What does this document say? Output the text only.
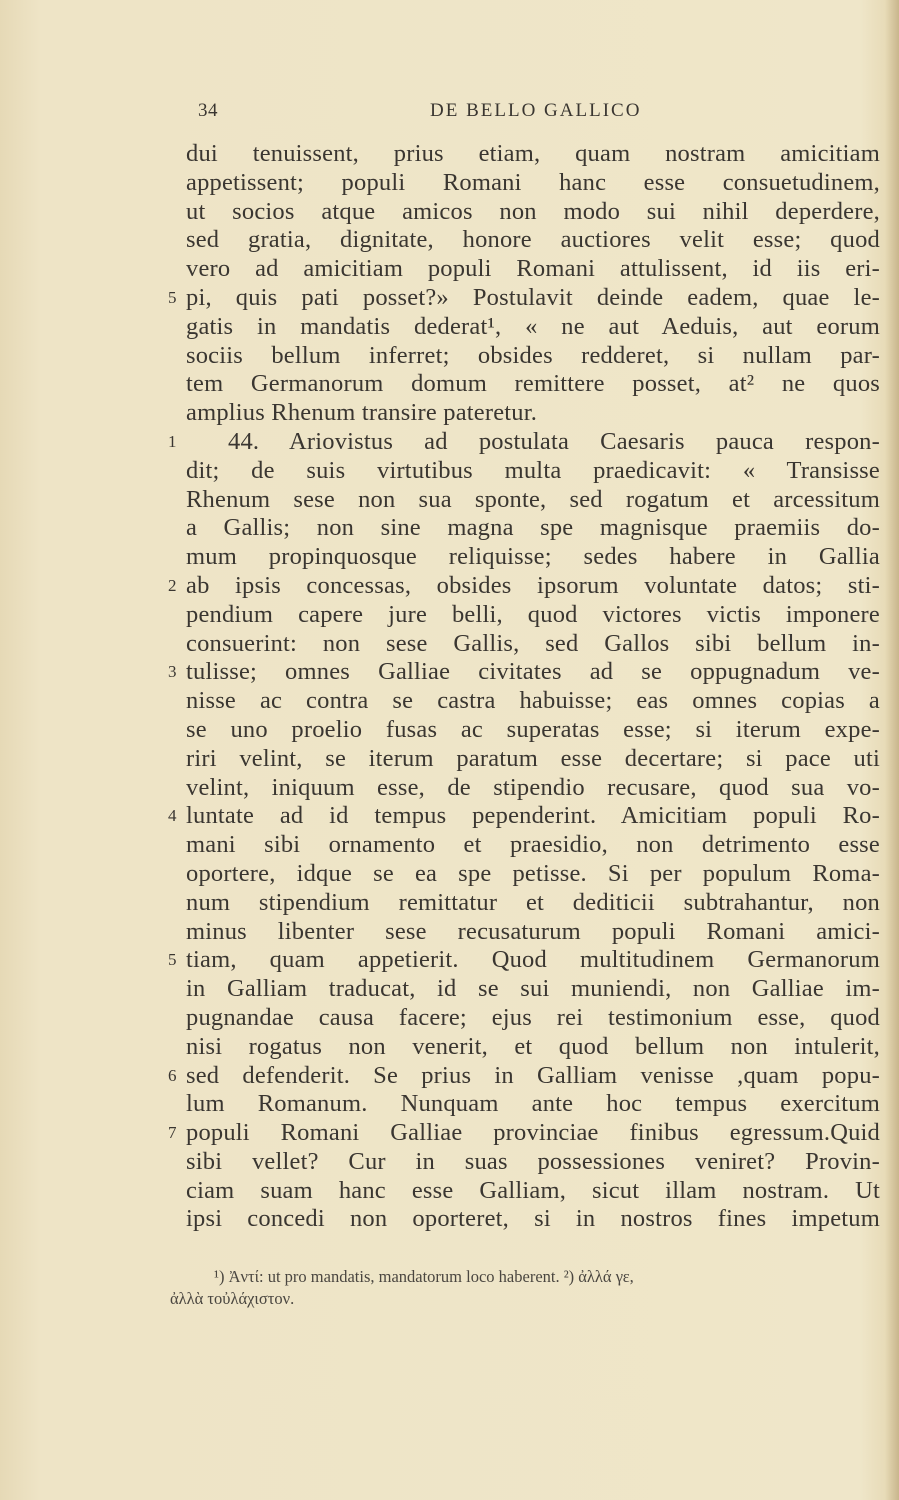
34	DE BELLO GALLICO
dui tenuissent, prius etiam, quam nostram amicitiam
appetissent; populi Romani hanc esse consuetudinem,
ut socios atque amicos non modo sui nihil deperdere,
sed gratia, dignitate, honore auctiores velit esse; quod
vero ad amicitiam populi Romani attulissent, id iis eri-
5 pi, quis pati posset?» Postulavit deinde eadem, quae le-
gatis in mandatis dederat¹, « ne aut Aeduis, aut eorum
sociis bellum inferret; obsides redderet, si nullam par-
tem Germanorum domum remittere posset, at² ne quos
amplius Rhenum transire pateretur.
1 44. Ariovistus ad postulata Caesaris pauca respon-
dit; de suis virtutibus multa praedicavit: « Transisse
Rhenum sese non sua sponte, sed rogatum et arcessitum
a Gallis; non sine magna spe magnisque praemiis do-
mum propinquosque reliquisse; sedes habere in Gallia
2 ab ipsis concessas, obsides ipsorum voluntate datos; sti-
pendium capere jure belli, quod victores victis imponere
consuerint: non sese Gallis, sed Gallos sibi bellum in-
3 tulisse; omnes Galliae civitates ad se oppugnadum ve-
nisse ac contra se castra habuisse; eas omnes copias a
se uno proelio fusas ac superatas esse; si iterum expe-
riri velint, se iterum paratum esse decertare; si pace uti
velint, iniquum esse, de stipendio recusare, quod sua vo-
4 luntate ad id tempus pependerint. Amicitiam populi Ro-
mani sibi ornamento et praesidio, non detrimento esse
oportere, idque se ea spe petisse. Si per populum Roma-
num stipendium remittatur et dediticii subtrahantur, non
minus libenter sese recusaturum populi Romani amici-
5 tiam, quam appetierit. Quod multitudinem Germanorum
in Galliam traducat, id se sui muniendi, non Galliae im-
pugnandae causa facere; ejus rei testimonium esse, quod
nisi rogatus non venerit, et quod bellum non intulerit,
6 sed defenderit. Se prius in Galliam venisse ,quam popu-
lum Romanum. Nunquam ante hoc tempus exercitum
7 populi Romani Galliae provinciae finibus egressum.Quid
sibi vellet? Cur in suas possessiones veniret? Provin-
ciam suam hanc esse Galliam, sicut illam nostram. Ut
ipsi concedi non oporteret, si in nostros fines impetum
¹) Ἀντί: ut pro mandatis, mandatorum loco haberent. ²) ἀλλά γε,
ἀλλὰ τοὐλάχιστον.
